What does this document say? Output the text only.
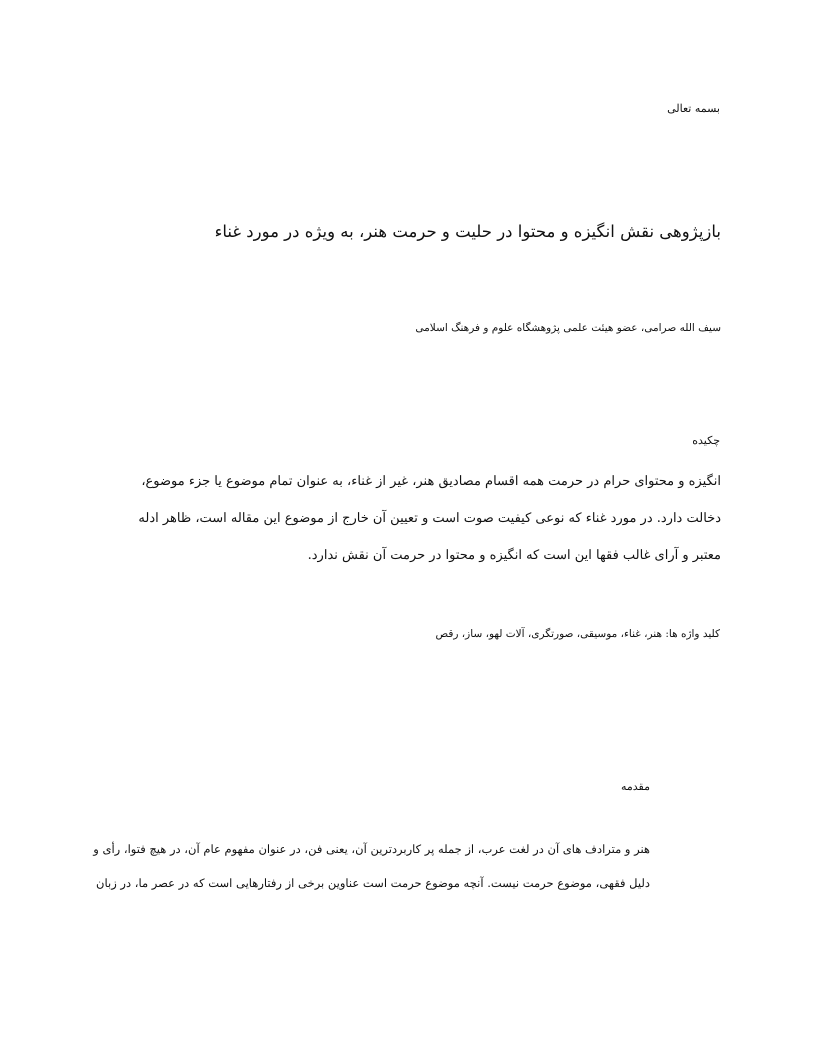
بسمه تعالی
بازپژوهی نقش انگیزه و محتوا در حلیت و حرمت هنر، به ویژه در مورد غناء
سیف الله صرامی، عضو هیئت علمی پژوهشگاه علوم و فرهنگ اسلامی
چکیده
انگیزه و محتوای حرام در حرمت همه اقسام مصادیق هنر، غیر از غناء، به عنوان تمام موضوع یا جزء موضوع،
دخالت دارد. در مورد غناء که نوعی کیفیت صوت است و تعیین آن خارج از موضوع این مقاله است، ظاهر ادله
معتبر و آرای غالب فقها این است که انگیزه و محتوا در حرمت آن نقش ندارد.
کلید واژه ها: هنر، غناء، موسیقی، صورتگری، آلات لهو، ساز، رقص
مقدمه
هنر و مترادف های آن در لغت عرب، از جمله پر کاربردترین آن، یعنی فن، در عنوان مفهوم عام آن، در هیچ فتوا، رأی و
دلیل فقهی، موضوع حرمت نیست. آنچه موضوع حرمت است عناوین برخی از رفتارهایی است که در عصر ما، در زبان
